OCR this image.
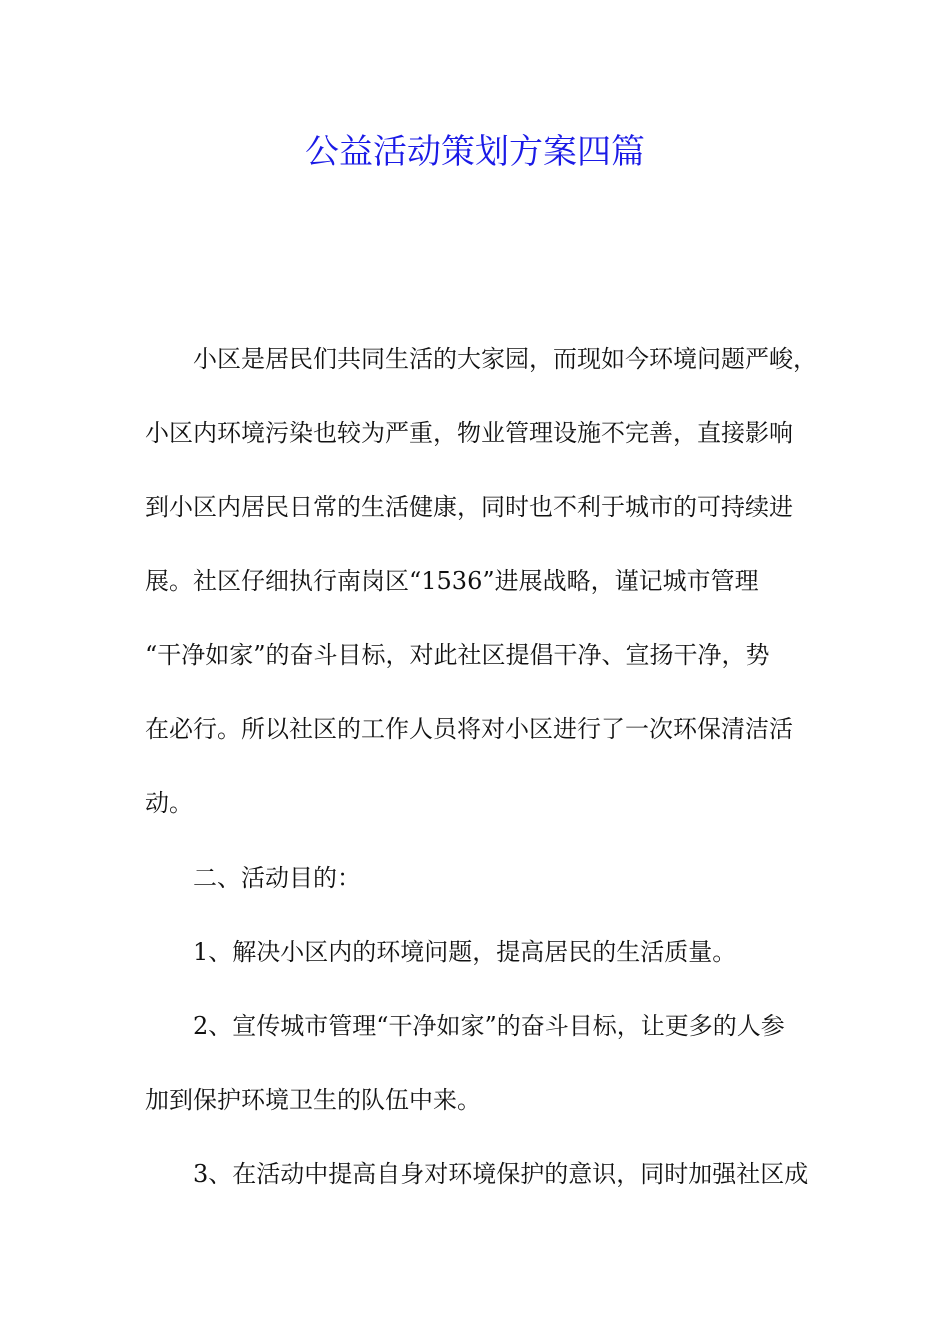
公益活动策划方案四篇
　　小区是居民们共同生活的大家园，而现如今环境问题严峻，
小区内环境污染也较为严重，物业管理设施不完善，直接影响
到小区内居民日常的生活健康，同时也不利于城市的可持续进
展。社区仔细执行南岗区“1536”进展战略，谨记城市管理
“干净如家”的奋斗目标，对此社区提倡干净、宣扬干净，势
在必行。所以社区的工作人员将对小区进行了一次环保清洁活
动。
　　二、活动目的：
　　1、解决小区内的环境问题，提高居民的生活质量。
　　2、宣传城市管理“干净如家”的奋斗目标，让更多的人参
加到保护环境卫生的队伍中来。
　　3、在活动中提高自身对环境保护的意识，同时加强社区成
